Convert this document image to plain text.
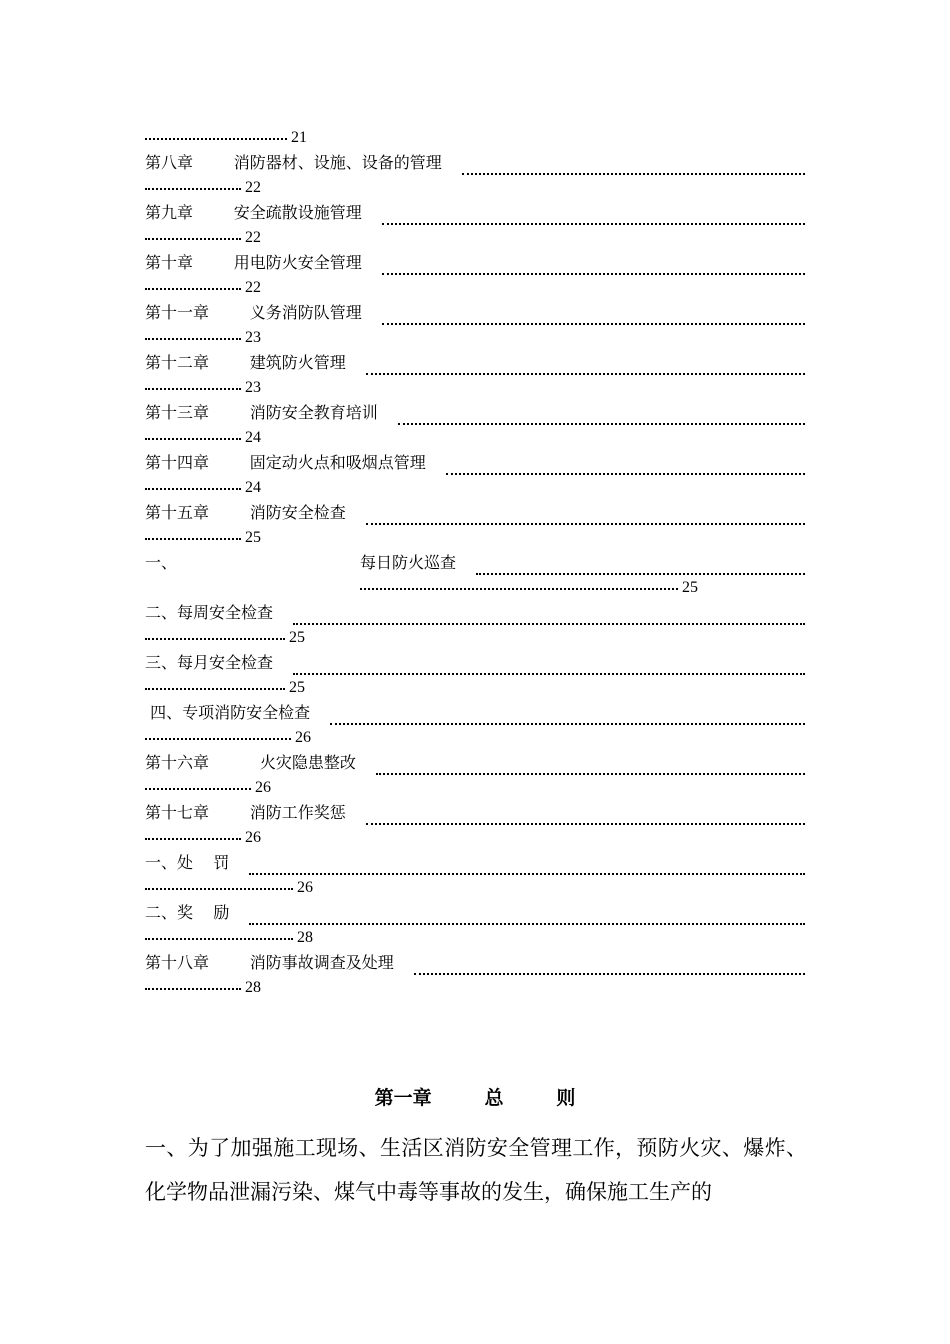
21
第八章        消防器材、设施、设备的管理
22
第九章        安全疏散设施管理
22
第十章        用电防火安全管理
22
第十一章        义务消防队管理
23
第十二章        建筑防火管理
23
第十三章        消防安全教育培训
24
第十四章        固定动火点和吸烟点管理
24
第十五章        消防安全检查
25
一、	每日防火巡查
25
二、每周安全检查
25
三、每月安全检查
25
四、专项消防安全检查
26
第十六章          火灾隐患整改
26
第十七章        消防工作奖惩
26
一、处    罚
26
二、奖    励
28
第十八章        消防事故调查及处理
28
第一章        总        则
一、为了加强施工现场、生活区消防安全管理工作，预防火灾、爆炸、化学物品泄漏污染、煤气中毒等事故的发生，确保施工生产的
